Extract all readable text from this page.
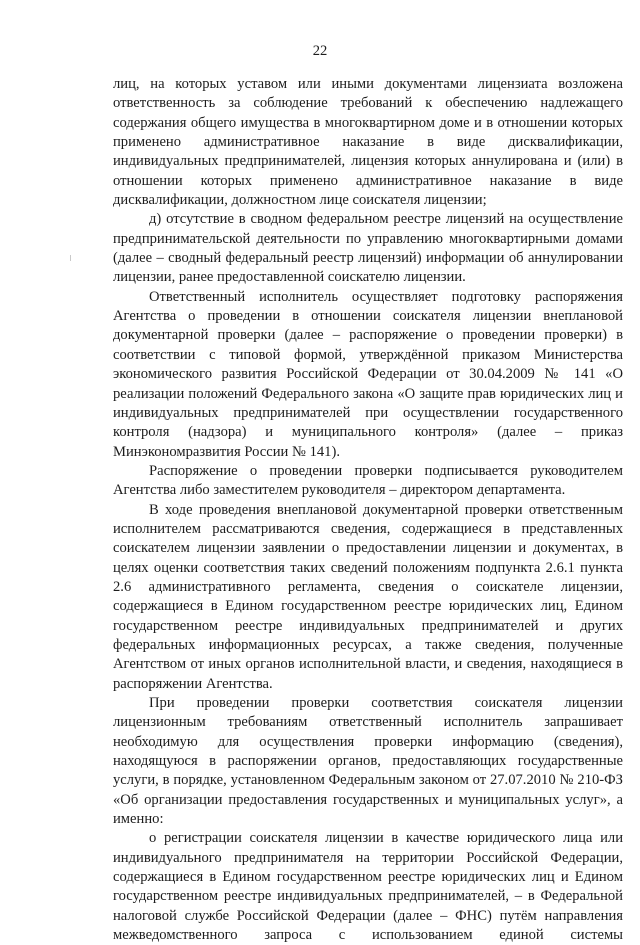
22

лиц, на которых уставом или иными документами лицензиата возложена ответственность за соблюдение требований к обеспечению надлежащего содержания общего имущества в многоквартирном доме и в отношении которых применено административное наказание в виде дисквалификации, индивидуальных предпринимателей, лицензия которых аннулирована и (или) в отношении которых применено административное наказание в виде дисквалификации, должностном лице соискателя лицензии;

д) отсутствие в сводном федеральном реестре лицензий на осуществление предпринимательской деятельности по управлению многоквартирными домами (далее – сводный федеральный реестр лицензий) информации об аннулировании лицензии, ранее предоставленной соискателю лицензии.

Ответственный исполнитель осуществляет подготовку распоряжения Агентства о проведении в отношении соискателя лицензии внеплановой документарной проверки (далее – распоряжение о проведении проверки) в соответствии с типовой формой, утверждённой приказом Министерства экономического развития Российской Федерации от 30.04.2009 № 141 «О реализации положений Федерального закона «О защите прав юридических лиц и индивидуальных предпринимателей при осуществлении государственного контроля (надзора) и муниципального контроля» (далее – приказ Минэкономразвития России № 141).

Распоряжение о проведении проверки подписывается руководителем Агентства либо заместителем руководителя – директором департамента.

В ходе проведения внеплановой документарной проверки ответственным исполнителем рассматриваются сведения, содержащиеся в представленных соискателем лицензии заявлении о предоставлении лицензии и документах, в целях оценки соответствия таких сведений положениям подпункта 2.6.1 пункта 2.6 административного регламента, сведения о соискателе лицензии, содержащиеся в Едином государственном реестре юридических лиц, Едином государственном реестре индивидуальных предпринимателей и других федеральных информационных ресурсах, а также сведения, полученные Агентством от иных органов исполнительной власти, и сведения, находящиеся в распоряжении Агентства.

При проведении проверки соответствия соискателя лицензии лицензионным требованиям ответственный исполнитель запрашивает необходимую для осуществления проверки информацию (сведения), находящуюся в распоряжении органов, предоставляющих государственные услуги, в порядке, установленном Федеральным законом от 27.07.2010 № 210-ФЗ «Об организации предоставления государственных и муниципальных услуг», а именно:

о регистрации соискателя лицензии в качестве юридического лица или индивидуального предпринимателя на территории Российской Федерации, содержащиеся в Едином государственном реестре юридических лиц и Едином государственном реестре индивидуальных предпринимателей, – в Федеральной налоговой службе Российской Федерации (далее – ФНС) путём направления межведомственного запроса с использованием единой системы
